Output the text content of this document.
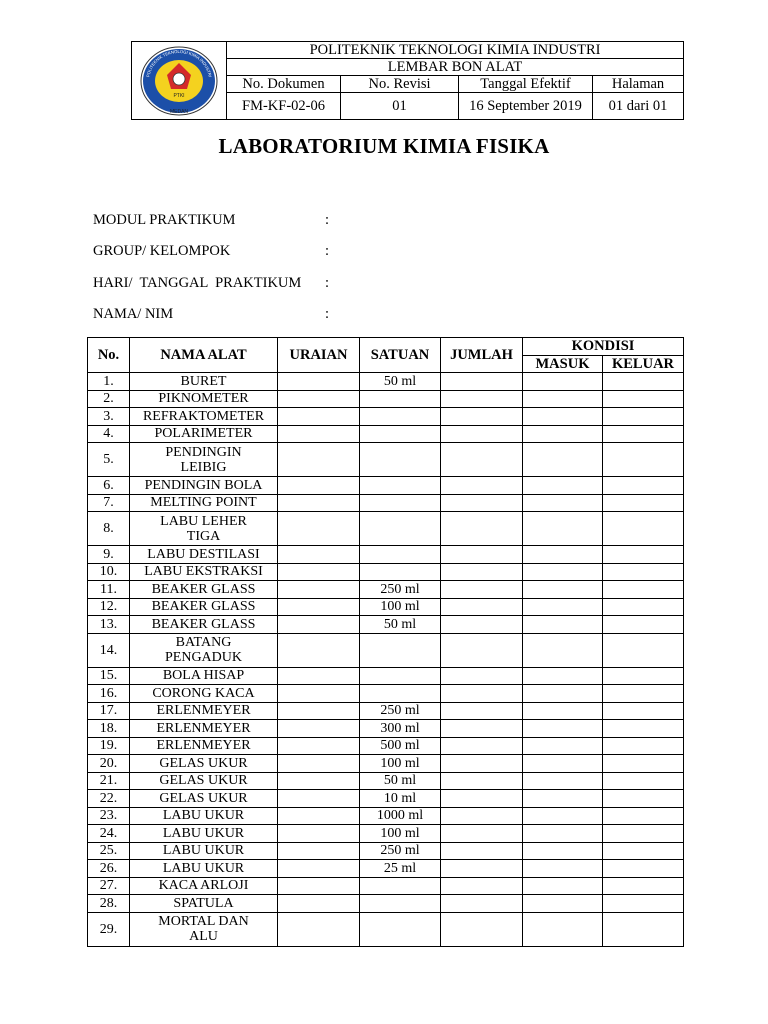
PTKI
MEDAN
POLITEKNIK TEKNOLOGI KIMIA INDUSTRI	POLITEKNIK TEKNOLOGI KIMIA INDUSTRI			
	LEMBAR BON ALAT			
	No. Dokumen	No. Revisi	Tanggal Efektif	Halaman
	FM-KF-02-06	01	16 September 2019	01 dari 01
LABORATORIUM KIMIA FISIKA
MODUL PRAKTIKUM	:
GROUP/ KELOMPOK	:
HARI/  TANGGAL  PRAKTIKUM :
NAMA/ NIM	:
No.	NAMA ALAT	URAIAN	SATUAN	JUMLAH	KONDISI	
					MASUK	KELUAR
1.	BURET		50 ml			
2.	PIKNOMETER					
3.	REFRAKTOMETER					
4.	POLARIMETER					
5.	PENDINGIN
LEIBIG					
6.	PENDINGIN BOLA					
7.	MELTING POINT					
8.	LABU LEHER
TIGA					
9.	LABU DESTILASI					
10.	LABU EKSTRAKSI					
11.	BEAKER GLASS		250 ml			
12.	BEAKER GLASS		100 ml			
13.	BEAKER GLASS		50 ml			
14.	BATANG
PENGADUK					
15.	BOLA HISAP					
16.	CORONG KACA					
17.	ERLENMEYER		250 ml			
18.	ERLENMEYER		300 ml			
19.	ERLENMEYER		500 ml			
20.	GELAS UKUR		100 ml			
21.	GELAS UKUR		50 ml			
22.	GELAS UKUR		10 ml			
23.	LABU UKUR		1000 ml			
24.	LABU UKUR		100 ml			
25.	LABU UKUR		250 ml			
26.	LABU UKUR		25 ml			
27.	KACA ARLOJI					
28.	SPATULA					
29.	MORTAL DAN
ALU					
